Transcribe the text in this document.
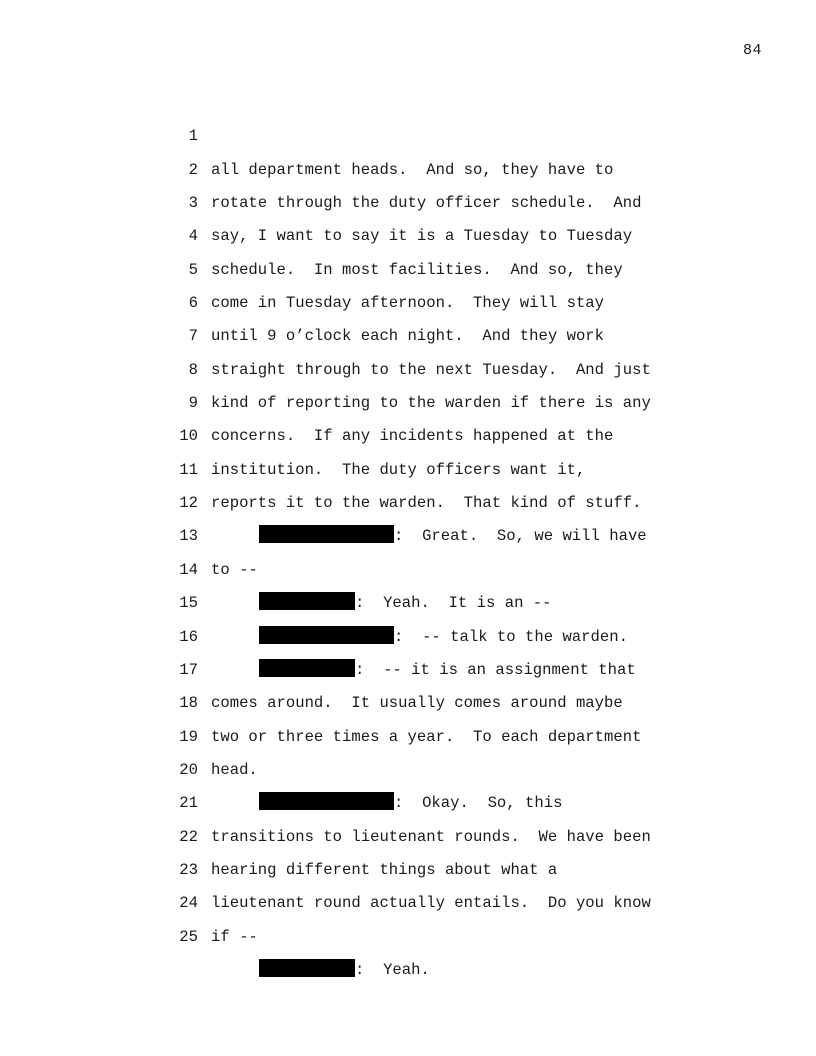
84

1

all department heads.  And so, they have to

2

rotate through the duty officer schedule.  And

3

say, I want to say it is a Tuesday to Tuesday

4

schedule.  In most facilities.  And so, they

5

come in Tuesday afternoon.  They will stay

6

until 9 o’clock each night.  And they work

7

straight through to the next Tuesday.  And just

8

kind of reporting to the warden if there is any

9

concerns.  If any incidents happened at the

10

institution.  The duty officers want it,

11

reports it to the warden.  That kind of stuff.

12

:  Great.  So, we will have

13

to --

14

:  Yeah.  It is an --

15

:  -- talk to the warden.

16

:  -- it is an assignment that

17

comes around.  It usually comes around maybe

18

two or three times a year.  To each department

19

head.

20

:  Okay.  So, this

21

transitions to lieutenant rounds.  We have been

22

hearing different things about what a

23

lieutenant round actually entails.  Do you know

24

if --

25

:  Yeah.
